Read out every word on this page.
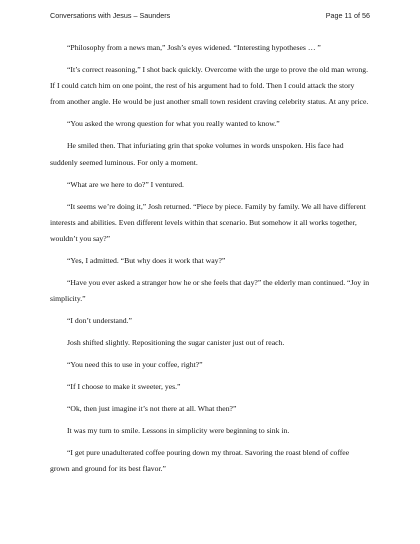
Conversations with Jesus – Saunders	Page 11 of 56

“Philosophy from a news man,” Josh’s eyes widened. “Interesting hypotheses … ”

“It’s correct reasoning,” I shot back quickly. Overcome with the urge to prove the old man wrong. If I could catch him on one point, the rest of his argument had to fold. Then I could attack the story from another angle. He would be just another small town resident craving celebrity status. At any price.

“You asked the wrong question for what you really wanted to know.”

He smiled then. That infuriating grin that spoke volumes in words unspoken. His face had suddenly seemed luminous. For only a moment.

“What are we here to do?” I ventured.

“It seems we’re doing it,” Josh returned. “Piece by piece. Family by family. We all have different interests and abilities. Even different levels within that scenario. But somehow it all works together, wouldn’t you say?”

“Yes, I admitted. “But why does it work that way?”

“Have you ever asked a stranger how he or she feels that day?” the elderly man continued. “Joy in simplicity.”

“I don’t understand.”

Josh shifted slightly. Repositioning the sugar canister just out of reach.

“You need this to use in your coffee, right?”

“If I choose to make it sweeter, yes.”

“Ok, then just imagine it’s not there at all. What then?”

It was my turn to smile. Lessons in simplicity were beginning to sink in.

“I get pure unadulterated coffee pouring down my throat. Savoring the roast blend of coffee grown and ground for its best flavor.”
